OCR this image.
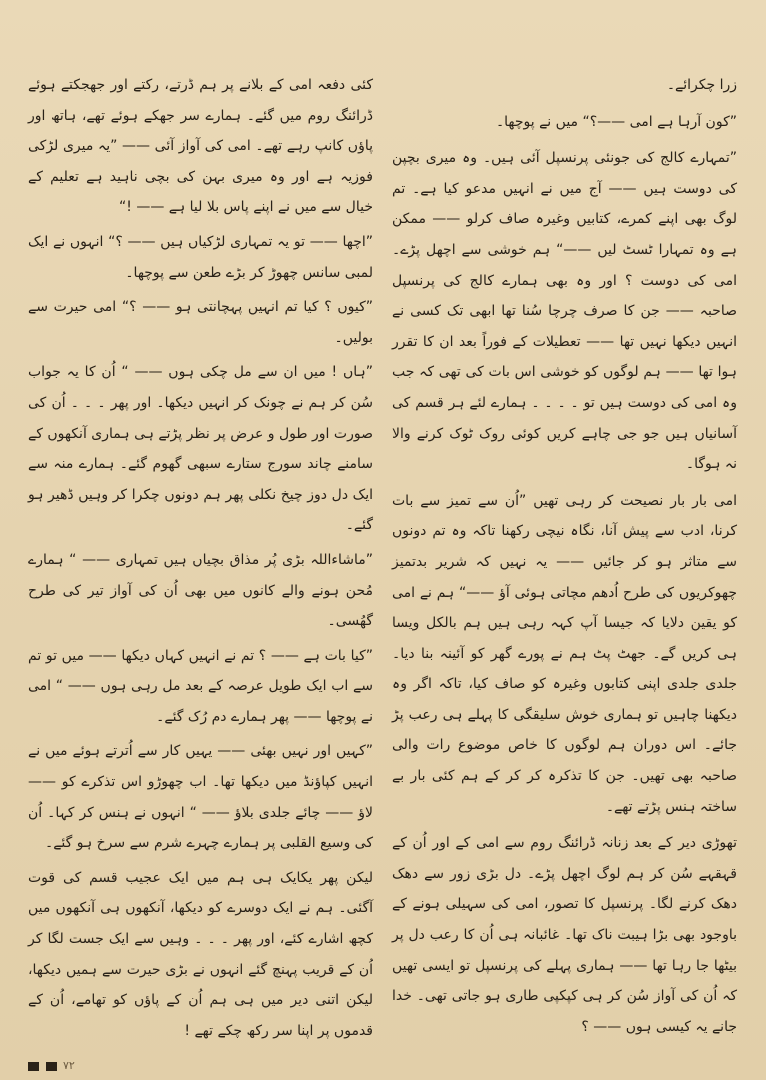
زرا چکرائے۔

”کون آرہا ہے امی ——؟“ میں نے پوچھا۔

”تمہارے کالج کی جونئی پرنسپل آئی ہیں۔ وہ میری بچپن کی دوست ہیں —— آج میں نے انہیں مدعو کیا ہے۔ تم لوگ بھی اپنے کمرے، کتابیں وغیرہ صاف کرلو —— ممکن ہے وہ تمہارا ٹسٹ لیں ——“ ہم خوشی سے اچھل پڑے۔ امی کی دوست ؟ اور وہ بھی ہمارے کالج کی پرنسپل صاحبہ —— جن کا صرف چرچا سُنا تھا ابھی تک کسی نے انہیں دیکھا نہیں تھا —— تعطیلات کے فوراً بعد ان کا تقرر ہوا تھا —— ہم لوگوں کو خوشی اس بات کی تھی کہ جب وہ امی کی دوست ہیں تو ۔ ۔ ۔ ۔ ہمارے لئے ہر قسم کی آسانیاں ہیں جو جی چاہے کریں کوئی روک ٹوک کرنے والا نہ ہوگا۔

امی بار بار نصیحت کر رہی تھیں ”اُن سے تمیز سے بات کرنا، ادب سے پیش آنا، نگاہ نیچی رکھنا تاکہ وہ تم دونوں سے متاثر ہو کر جائیں —— یہ نہیں کہ شریر بدتمیز چھوکریوں کی طرح اُدھم مچاتی ہوئی آؤ ——“ ہم نے امی کو یقین دلایا کہ جیسا آپ کہہ رہی ہیں ہم بالکل ویسا ہی کریں گے۔ جھٹ پٹ ہم نے پورے گھر کو آئینہ بنا دیا۔ جلدی جلدی اپنی کتابوں وغیرہ کو صاف کیا، تاکہ اگر وہ دیکھنا چاہیں تو ہماری خوش سلیقگی کا پہلے ہی رعب پڑ جائے۔ اس دوران ہم لوگوں کا خاص موضوع رات والی صاحبہ بھی تھیں۔ جن کا تذکرہ کر کر کے ہم کئی بار بے ساختہ ہنس پڑتے تھے۔

تھوڑی دیر کے بعد زنانہ ڈرائنگ روم سے امی کے اور اُن کے قہقہے سُن کر ہم لوگ اچھل پڑے۔ دل بڑی زور سے دھک دھک کرنے لگا۔ پرنسپل کا تصور، امی کی سہیلی ہونے کے باوجود بھی بڑا ہیبت ناک تھا۔ غائبانہ ہی اُن کا رعب دل پر بیٹھا جا رہا تھا —— ہماری پہلے کی پرنسپل تو ایسی تھیں کہ اُن کی آواز سُن کر ہی کپکپی طاری ہو جاتی تھی۔ خدا جانے یہ کیسی ہوں —— ؟

کئی دفعہ امی کے بلانے پر ہم ڈرتے، رکتے اور جھجکتے ہوئے ڈرائنگ روم میں گئے۔ ہمارے سر جھکے ہوئے تھے، ہاتھ اور پاؤں کانپ رہے تھے۔ امی کی آواز آئی —— ”یہ میری لڑکی فوزیہ ہے اور وہ میری بہن کی بچی ناہید ہے تعلیم کے خیال سے میں نے اپنے پاس بلا لیا ہے —— !“

”اچھا —— تو یہ تمہاری لڑکیاں ہیں —— ؟“ انہوں نے ایک لمبی سانس چھوڑ کر بڑے طعن سے پوچھا۔

”کیوں ؟ کیا تم انہیں پہچانتی ہو —— ؟“ امی حیرت سے بولیں۔

”ہاں ! میں ان سے مل چکی ہوں —— “ اُن کا یہ جواب سُن کر ہم نے چونک کر انہیں دیکھا۔ اور پھر ۔ ۔ ۔ اُن کی صورت اور طول و عرض پر نظر پڑتے ہی ہماری آنکھوں کے سامنے چاند سورج ستارے سبھی گھوم گئے۔ ہمارے منہ سے ایک دل دوز چیخ نکلی پھر ہم دونوں چکرا کر وہیں ڈھیر ہو گئے۔

”ماشاءاللہ بڑی پُر مذاق بچیاں ہیں تمہاری —— “ ہمارے مُحن ہونے والے کانوں میں بھی اُن کی آواز تیر کی طرح گھُسی۔

”کیا بات ہے —— ؟ تم نے انہیں کہاں دیکھا —— میں تو تم سے اب ایک طویل عرصہ کے بعد مل رہی ہوں —— “ امی نے پوچھا —— پھر ہمارے دم رُک گئے۔

”کہیں اور نہیں بھئی —— یہیں کار سے اُترتے ہوئے میں نے انہیں کپاؤنڈ میں دیکھا تھا۔ اب چھوڑو اس تذکرے کو —— لاؤ —— چائے جلدی بلاؤ —— “ انہوں نے ہنس کر کہا۔ اُن کی وسیع القلبی پر ہمارے چہرے شرم سے سرخ ہو گئے۔

لیکن پھر یکایک ہی ہم میں ایک عجیب قسم کی قوت آگئی۔ ہم نے ایک دوسرے کو دیکھا، آنکھوں ہی آنکھوں میں کچھ اشارے کئے، اور پھر ۔ ۔ ۔ وہیں سے ایک جست لگا کر اُن کے قریب پہنچ گئے انہوں نے بڑی حیرت سے ہمیں دیکھا، لیکن اتنی دیر میں ہی ہم اُن کے پاؤں کو تھامے، اُن کے قدموں پر اپنا سر رکھ چکے تھے !

۷۲
